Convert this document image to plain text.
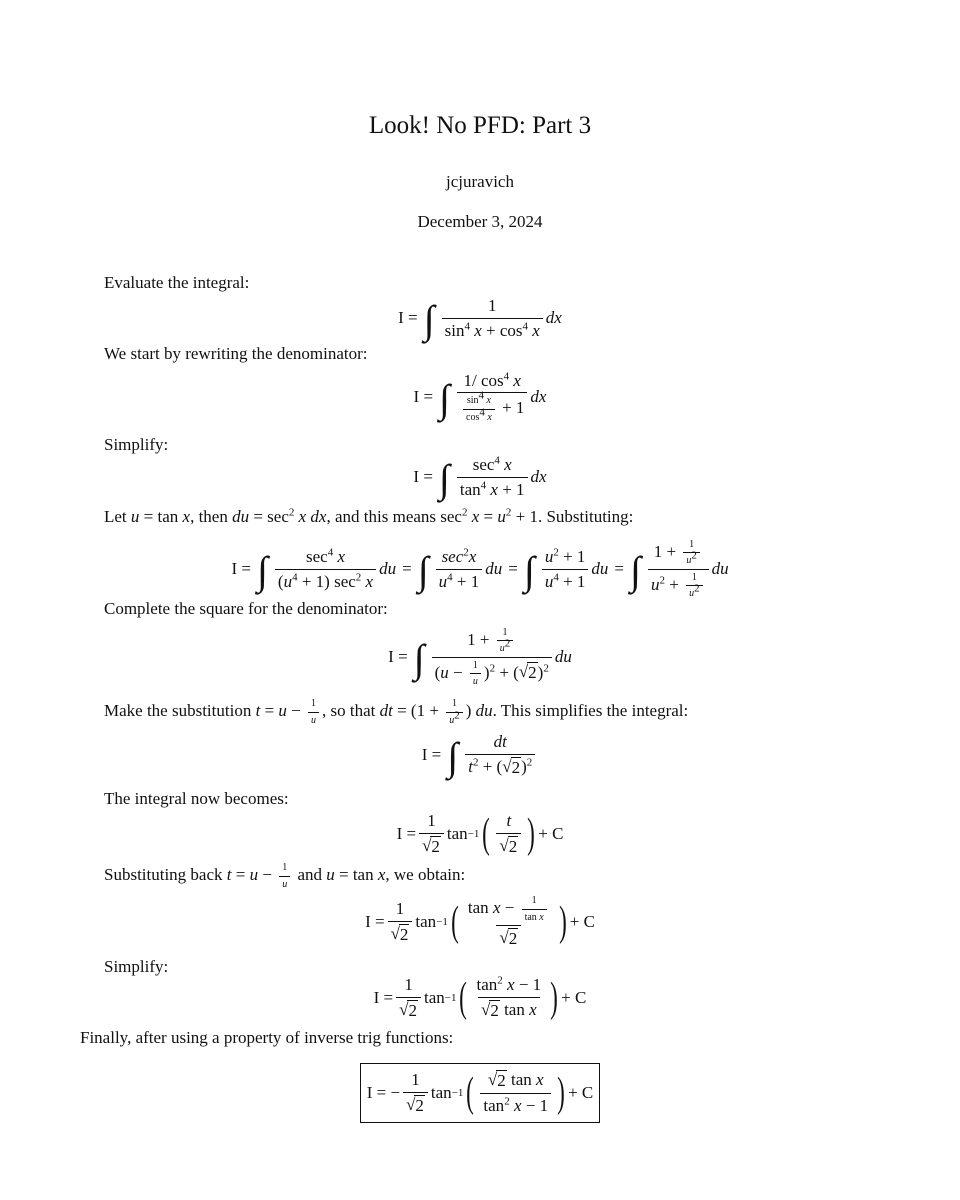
Look! No PFD: Part 3
jcjuravich
December 3, 2024
Evaluate the integral:
I = ∫ $\frac{1}{\sin^4 x + \cos^4 x}$ dx
We start by rewriting the denominator:
I = ∫ $\frac{1/ \cos^4 x}{\frac{\sin^4 x}{\cos^4 x} + 1}$ dx
Simplify:
I = ∫ $\frac{\sec^4 x}{\tan^4 x + 1}$ dx
Let u = tan x, then du = $\sec^2 x$ dx, and this means $\sec^2 x = u^2 + 1$. Substituting:
I = ∫ $\frac{\sec^4 x}{(u^4 + 1) \sec^2 x}$ du = ∫ $\frac{\sec^2x}{u^4 + 1}$ du = ∫ $\frac{u^2 + 1}{u^4 + 1}$ du = ∫ $\frac{1 + \frac{1}{u^2}}{u^2 + \frac{1}{u^2}}$ du
Complete the square for the denominator:
I = ∫ $\frac{1 + \frac{1}{u^2}}{(u - \frac{1}{u} )^2 + (√ 2 )^2}$ du
Make the substitution $t = u - \frac{1}{u}$ , so that dt = ($1 + \frac{1}{u^2}$ ) du. This simplifies the integral:
I = ∫ $\frac{dt}{t^2 + (√ 2 )^2}$
The integral now becomes:
$I = \frac{1}{√ 2}$ tan −1 ( $\frac{t}{√ 2}$ ) + C
Substituting back $t = u - \frac{1}{u}$ and u = tan x, we obtain:
$I = \frac{1}{√ 2}$ tan −1 ( $\frac{\tan x - \frac{1}{\text{tan x}}}{√ 2}$ ) + C
Simplify:
$I = \frac{1}{√ 2}$ tan −1 ( $\frac{\tan^2 x - 1}{\text{√ 2 tan x}}$ ) + C
Finally, after using a property of inverse trig functions:
I = − $\frac{1}{√ 2}$ tan −1 ( $\frac{\text{√ 2 tan x}}{\tan^2 x - 1}$ ) + C
